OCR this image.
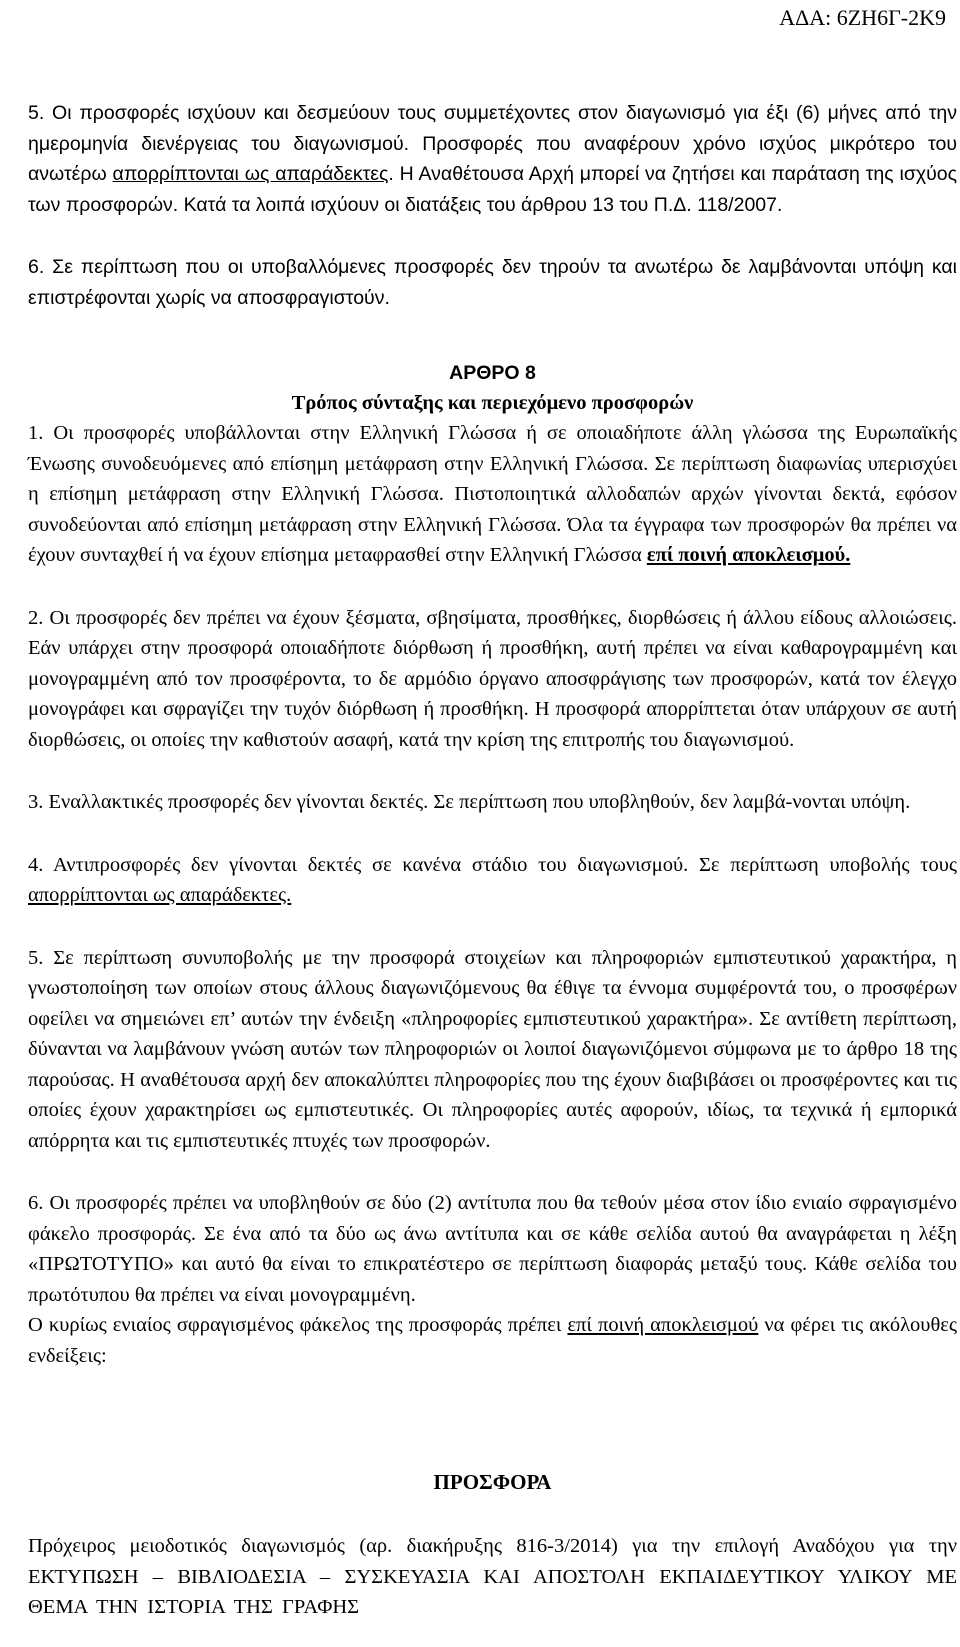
ΑΔΑ: 6ΖΗ6Γ-2Κ9

5. Οι προσφορές ισχύουν και δεσμεύουν τους συμμετέχοντες στον διαγωνισμό για έξι (6) μήνες από την ημερομηνία διενέργειας του διαγωνισμού. Προσφορές που αναφέρουν χρόνο ισχύος μικρότερο του ανωτέρω απορρίπτονται ως απαράδεκτες. Η Αναθέτουσα Αρχή μπορεί να ζητήσει και παράταση της ισχύος των προσφορών. Κατά τα λοιπά ισχύουν οι διατάξεις του άρθρου 13 του Π.Δ. 118/2007.

6. Σε περίπτωση που οι υποβαλλόμενες προσφορές δεν τηρούν τα ανωτέρω δε λαμβάνονται υπόψη και επιστρέφονται χωρίς να αποσφραγιστούν.

ΑΡΘΡΟ 8

Τρόπος σύνταξης και περιεχόμενο προσφορών

1. Οι προσφορές υποβάλλονται στην Ελληνική Γλώσσα ή σε οποιαδήποτε άλλη γλώσσα της Ευρωπαϊκής Ένωσης συνοδευόμενες από επίσημη μετάφραση στην Ελληνική Γλώσσα. Σε περίπτωση διαφωνίας υπερισχύει η επίσημη μετάφραση στην Ελληνική Γλώσσα. Πιστοποιητικά αλλοδαπών αρχών γίνονται δεκτά, εφόσον συνοδεύονται από επίσημη μετάφραση στην Ελληνική Γλώσσα. Όλα τα έγγραφα των προσφορών θα πρέπει να έχουν συνταχθεί ή να έχουν επίσημα μεταφρασθεί στην Ελληνική Γλώσσα επί ποινή αποκλεισμού.

2. Οι προσφορές δεν πρέπει να έχουν ξέσματα, σβησίματα, προσθήκες, διορθώσεις ή άλλου είδους αλλοιώσεις. Εάν υπάρχει στην προσφορά οποιαδήποτε διόρθωση ή προσθήκη, αυτή πρέπει να είναι καθαρογραμμένη και μονογραμμένη από τον προσφέροντα, το δε αρμόδιο όργανο αποσφράγισης των προσφορών, κατά τον έλεγχο μονογράφει και σφραγίζει την τυχόν διόρθωση ή προσθήκη. Η προσφορά απορρίπτεται όταν υπάρχουν σε αυτή διορθώσεις, οι οποίες την καθιστούν ασαφή, κατά την κρίση της επιτροπής του διαγωνισμού.

3. Εναλλακτικές προσφορές δεν γίνονται δεκτές. Σε περίπτωση που υποβληθούν, δεν λαμβά-νονται υπόψη.

4. Αντιπροσφορές δεν γίνονται δεκτές σε κανένα στάδιο του διαγωνισμού. Σε περίπτωση υποβολής τους απορρίπτονται ως απαράδεκτες.

5. Σε περίπτωση συνυποβολής με την προσφορά στοιχείων και πληροφοριών εμπιστευτικού χαρακτήρα, η γνωστοποίηση των οποίων στους άλλους διαγωνιζόμενους θα έθιγε τα έννομα συμφέροντά του, ο προσφέρων οφείλει να σημειώνει επ’ αυτών την ένδειξη «πληροφορίες εμπιστευτικού χαρακτήρα». Σε αντίθετη περίπτωση, δύνανται να λαμβάνουν γνώση αυτών των πληροφοριών οι λοιποί διαγωνιζόμενοι σύμφωνα με το άρθρο 18 της παρούσας. Η αναθέτουσα αρχή δεν αποκαλύπτει πληροφορίες που της έχουν διαβιβάσει οι προσφέροντες και τις οποίες έχουν χαρακτηρίσει ως εμπιστευτικές. Οι πληροφορίες αυτές αφορούν, ιδίως, τα τεχνικά ή εμπορικά απόρρητα και τις εμπιστευτικές πτυχές των προσφορών.

6. Οι προσφορές πρέπει να υποβληθούν σε δύο (2) αντίτυπα που θα τεθούν μέσα στον ίδιο ενιαίο σφραγισμένο φάκελο προσφοράς. Σε ένα από τα δύο ως άνω αντίτυπα και σε κάθε σελίδα αυτού θα αναγράφεται η λέξη «ΠΡΩΤΟΤΥΠΟ» και αυτό θα είναι το επικρατέστερο σε περίπτωση διαφοράς μεταξύ τους. Κάθε σελίδα του πρωτότυπου θα πρέπει να είναι μονογραμμένη.

Ο κυρίως ενιαίος σφραγισμένος φάκελος της προσφοράς πρέπει επί ποινή αποκλεισμού να φέρει τις ακόλουθες ενδείξεις:

ΠΡΟΣΦΟΡΑ

Πρόχειρος μειοδοτικός διαγωνισμός (αρ. διακήρυξης 816-3/2014) για την επιλογή Αναδόχου για την ΕΚΤΥΠΩΣΗ – ΒΙΒΛΙΟΔΕΣΙΑ – ΣΥΣΚΕΥΑΣΙΑ ΚΑΙ ΑΠΟΣΤΟΛΗ ΕΚΠΑΙΔΕΥΤΙΚΟΥ ΥΛΙΚΟΥ ΜΕ ΘΕΜΑ ΤΗΝ ΙΣΤΟΡΙΑ ΤΗΣ ΓΡΑΦΗΣ
